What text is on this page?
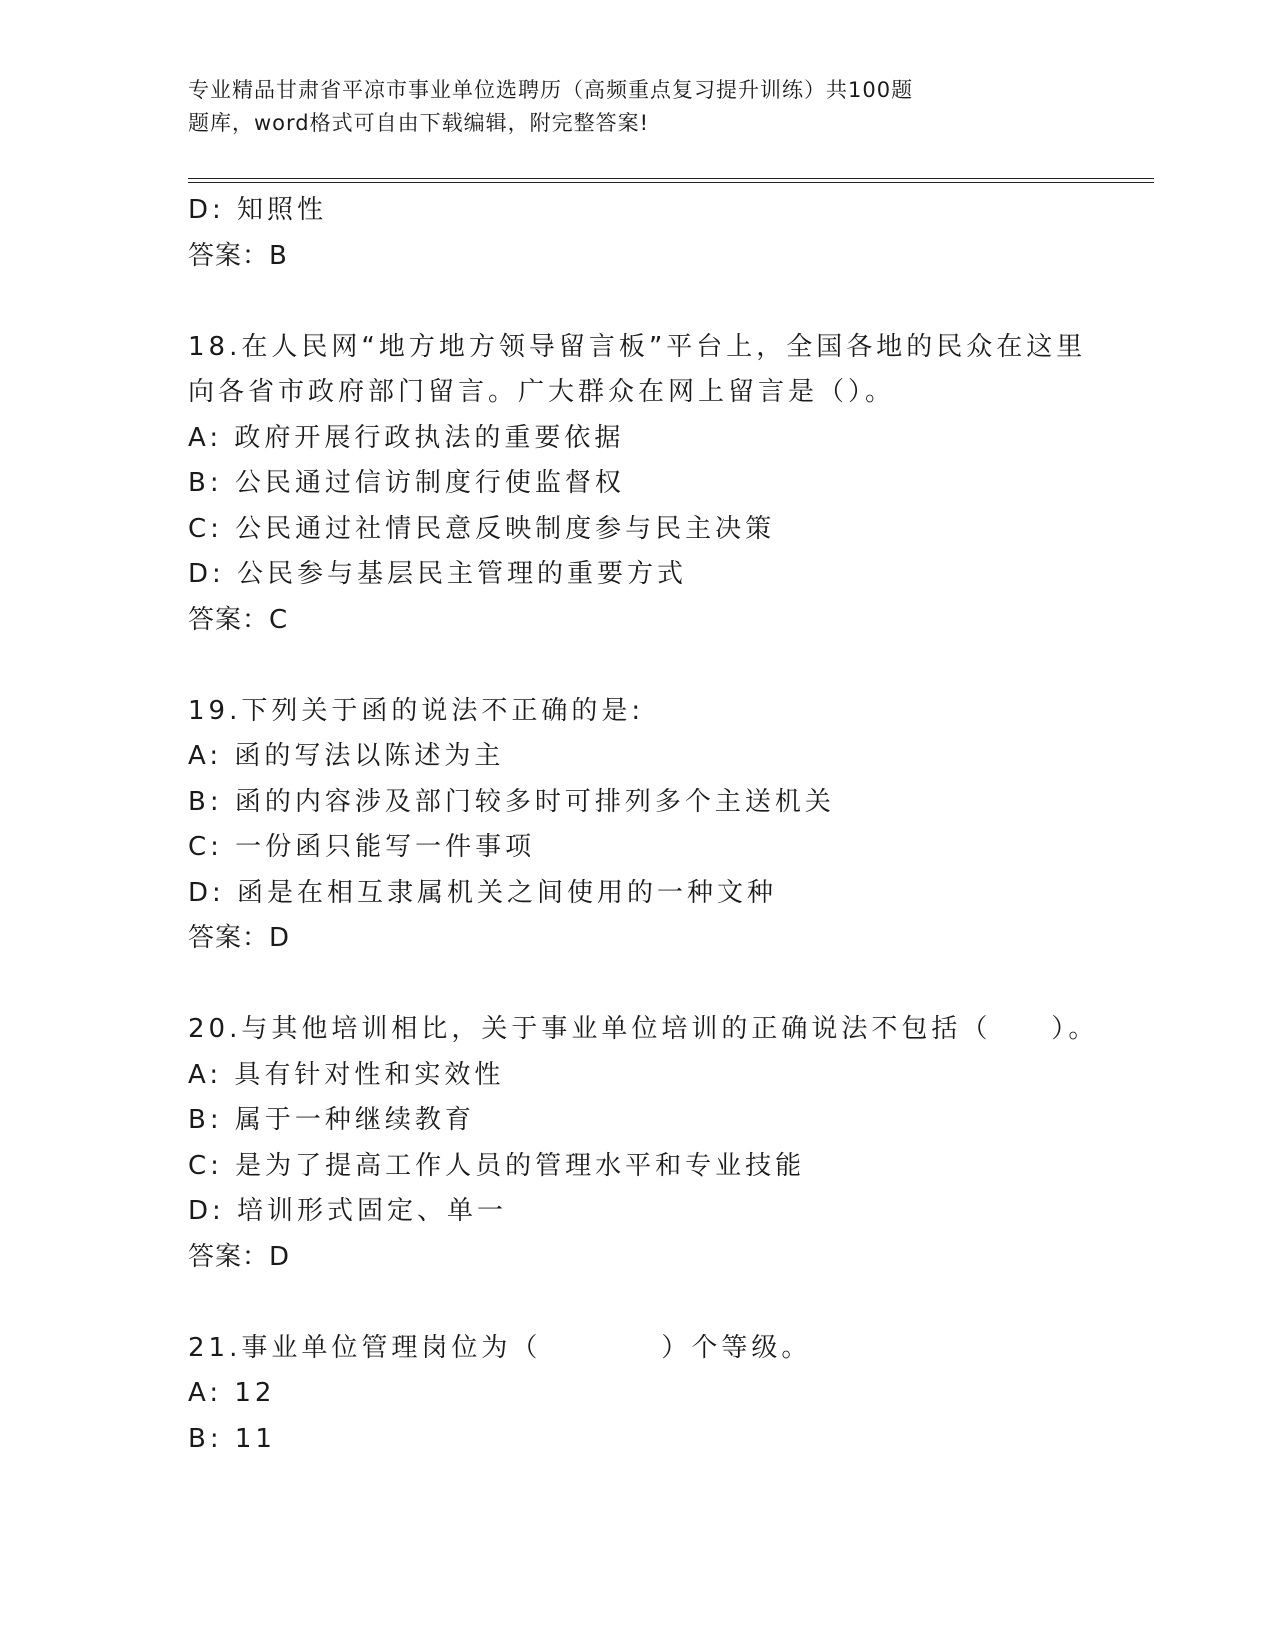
专业精品甘肃省平凉市事业单位选聘历（高频重点复习提升训练）共100题
题库，word格式可自由下载编辑，附完整答案!
D: 知照性
答案：B
18.在人民网“地方地方领导留言板”平台上，全国各地的民众在这里
向各省市政府部门留言。广大群众在网上留言是（）。
A: 政府开展行政执法的重要依据
B: 公民通过信访制度行使监督权
C: 公民通过社情民意反映制度参与民主决策
D: 公民参与基层民主管理的重要方式
答案：C
19.下列关于函的说法不正确的是:
A: 函的写法以陈述为主
B: 函的内容涉及部门较多时可排列多个主送机关
C: 一份函只能写一件事项
D: 函是在相互隶属机关之间使用的一种文种
答案：D
20.与其他培训相比，关于事业单位培训的正确说法不包括（　　）。
A: 具有针对性和实效性
B: 属于一种继续教育
C: 是为了提高工作人员的管理水平和专业技能
D: 培训形式固定、单一
答案：D
21.事业单位管理岗位为（　　　　）个等级。
A: 12
B: 11
